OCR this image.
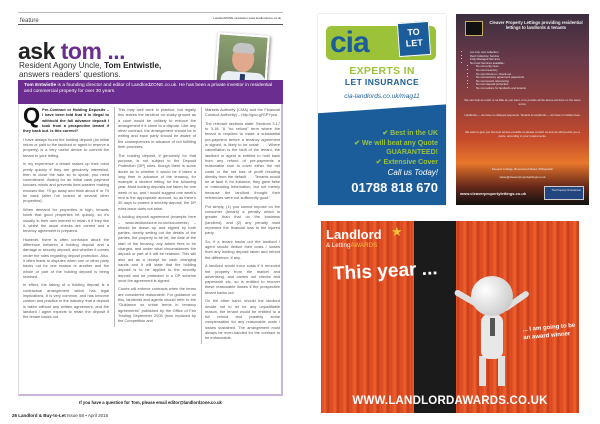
feature	LandlordZONE newsletter www.landlordzone.co.uk
ask tom ...
Resident Agony Uncle, Tom Entwistle,
answers readers' questions.
Tom Entwistle is a founding director and editor of LandlordZONE.co.uk. He has been a private investor in residential and commercial property for over 30 years.

Q Pre-Contract or Holding Deposits – I have been told that it is illegal to withhold the full advance deposit I took from a prospective tenant if they back out. Is this correct?

I have always found the holding deposit (an initial return or paid to the landlord or agent to reserve a property) is a very useful device to commit the tenant to your letting.

In my experience a tenant makes up their mind pretty quickly if they are genuinely interested, then to close the sale so to speak, you need commitment. Asking for an initial cash payment focuses minds and prevents time-wasters making excuses like, 'I'll go away and think about it' or 'I'll be back (after I've looked at several other properties)'.

When demand for properties is high, tenants know that good properties let quickly, so it's usually in their own interest to retain it if they like it, whilst the usual checks are carried and a tenancy agreement is prepared.

However, there is often confusion about the difference between a holding deposit and a damage or security deposit, and whether it comes under the rules regarding deposit protection. Also, it often leads to disputes when one or other party backs out for one reason or another and the whole or part of the holding deposit is being retained.

In effect, the taking of a holding deposit is a contractual arrangement which has legal implications. It is very common, and has become custom and practice in the industry, that a deposit is taken without any written agreement, and the landlord / agent expects to retain the deposit if the tenant backs out.

This may well work in practice, but legally this leaves the landlord on shaky ground as a court would be unlikely to enforce the arrangement if it came to a dispute. Like any other contract, the arrangement should be in writing and each party should be aware of the consequences in advance of not fulfilling their promises.

The holding deposit, if genuinely for that purpose, is not subject to the Deposit Protection (DP) rules, though there is some doubt as to whether it would be if taken a long time in advance of the tenancy, for example a student letting for the following year. Most holding deposits are taken for one week or so, and I would suggest one week's rent is the appropriate amount, so as there's 30 days to protect a security deposit, the DP rules issue does not arise.

A holding deposit agreement (example here – www.landlordzone.co.uk/documents) – should be drawn up and signed by both parties, clearly setting out the details of the parties, the property to be let, the date of the start of the tenancy, any admin fees to be charged, and under what circumstances the deposit or part of it will be retained. This will also act as a receipt for cash changing hands and it will state that the holding deposit is to be applied to the security deposit and be protected in a DP scheme once the agreement is signed.

Courts will enforce contracts when the terms are considered reasonable. For guidance on this, landlords and agents should refer to the "Guidance on unfair terms in tenancy agreements" published by the Office of Fair Trading September 2005 (now replaced by the Competition and

Markets Authority (CMA) and the Financial Conduct Authority) – http://goo.gl/GPYyca

The relevant sections state: Sections 3.17 to 3.18: 'A "no refund" term where the tenant is required to make a substantial pre-payment before a tenancy agreement is signed, is likely to be unfair . . . Where cancellation is the fault of the tenant, the landlord or agent is entitled to hold back from any refund of pre-payments a reasonable sum to cover either the net costs or the net loss of profit resulting directly from the default . . . Tenants would be at fault if, for instance, they gave false or misleading information, but not merely because the landlord thought their references were not sufficiently good.'

Put simply, (1) you cannot impose on the consumer (tenant) a penalty which is greater than that on the business (landlord), and (2) any penalty must represent the financial loss to the injured party.

So, if a tenant backs out the landlord / agent should deduct their costs / losses from any holding deposit taken and refund the difference, if any.

A landlord would incur costs if it removed the property from the market and advertising, and carries out checks and paperwork etc, so is entitled to recover these reasonable losses if the prospective tenant backs out.

On the other hand, should the landlord decide not to let for any unjustifiable reason, the tenant would be entitled to a full refund and possibly some compensation for any reasonable costs / losses sustained. The arrangement must always be even-handed for the contract to be enforceable.

If you have a question for Tom, please email editor@landlordzone.co.uk
26 Landlord & Buy-to-Let Issue 58 • April 2015
cia	TO LET
EXPERTS IN
LET INSURANCE
cia-landlords.co.uk/mag11
✔ Best in the UK
✔ We will beat any Quote
GUARANTEED!
✔ Extensive Cover
Call us Today!
01788 818 670
Cleaver Property Lettings providing residential lettings to landlords & tenants
• Let only, rent collection
• Rent Collection Service
• Fully Managed Services
• No Fuss Services available:
• No cost entry fees
• No cost inventory
• No cost check-in / check-out
• No cost tenancy agreement paperwork
• No cost tenant referencing
• No cost deposit protection
• No cost advice for landlords and tenants
We can help as much or as little as you want, or to provide all the above services on the same terms.
Landlords — we have no delayed payments. Tenants & Landlords — we have no hidden fees.
We want to give you the best service possible so please contact us and we will provide you a quote, according to your requirements.
Keepers Cottage, Broomwood Road, Whiteparish
Helen@cleaverpropertylettings.co.uk
www.cleaverpropertylettings.co.uk
The Property Ombudsman
Landlord ★
& LettingAWARDS
This year ...
... I am going to be
an award winner
WWW.LANDLORDAWARDS.CO.UK
